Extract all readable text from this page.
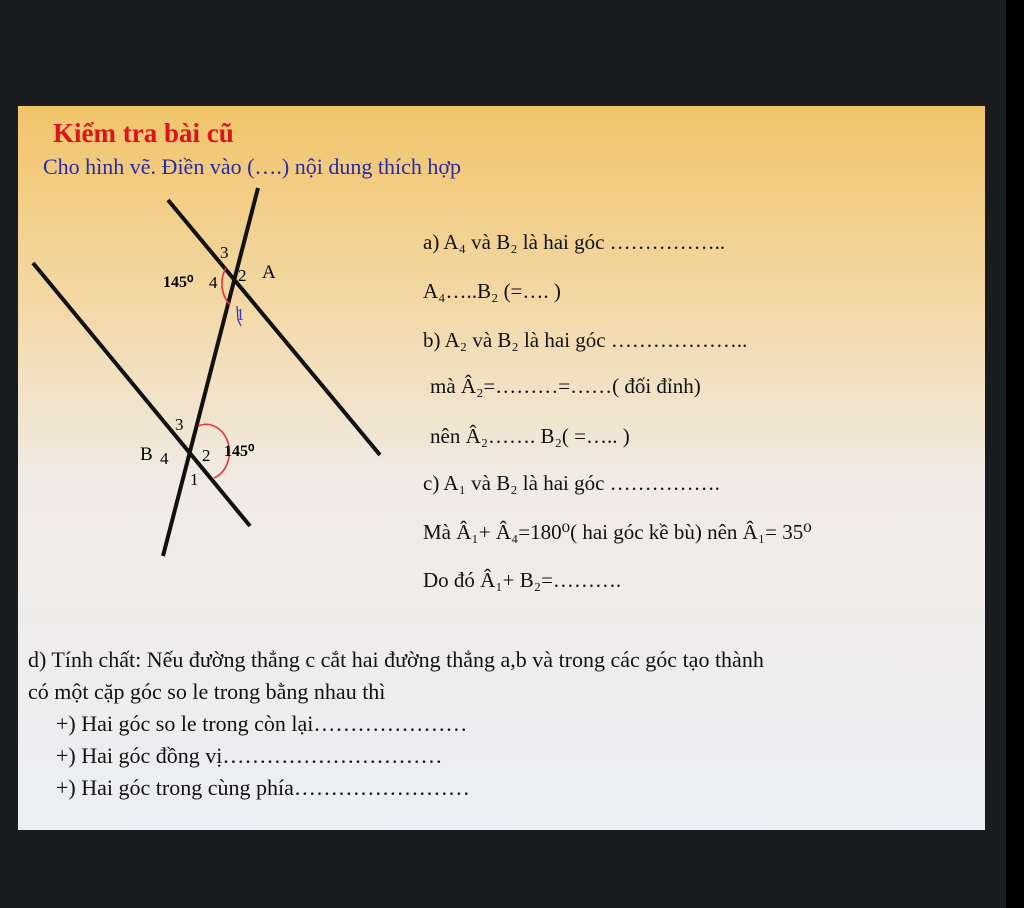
Kiểm tra bài cũ
Cho hình vẽ. Điền vào (….) nội dung thích hợp
3
4 2
1
A
145⁰
3
4 2
1
B	145⁰
a) A₄ và B₂ là hai góc ……………..
A₄…..B₂ (=…. )
b) A₂ và B₂ là hai góc ………………..
mà Â₂=………=……( đối đỉnh)
nên Â₂……. B₂( =….. )
c) A₁ và B₂ là hai góc …………….
Mà Â₁+ Â₄=180⁰( hai góc kề bù) nên Â₁= 35⁰
Do đó Â₁+ B₂=……….
d) Tính chất: Nếu đường thẳng c cắt hai đường thẳng a,b và trong các góc tạo thành
có một cặp góc so le trong bằng nhau thì
+) Hai góc so le trong còn lại…………………
+) Hai góc đồng vị…………………………
+) Hai góc trong cùng phía……………………
